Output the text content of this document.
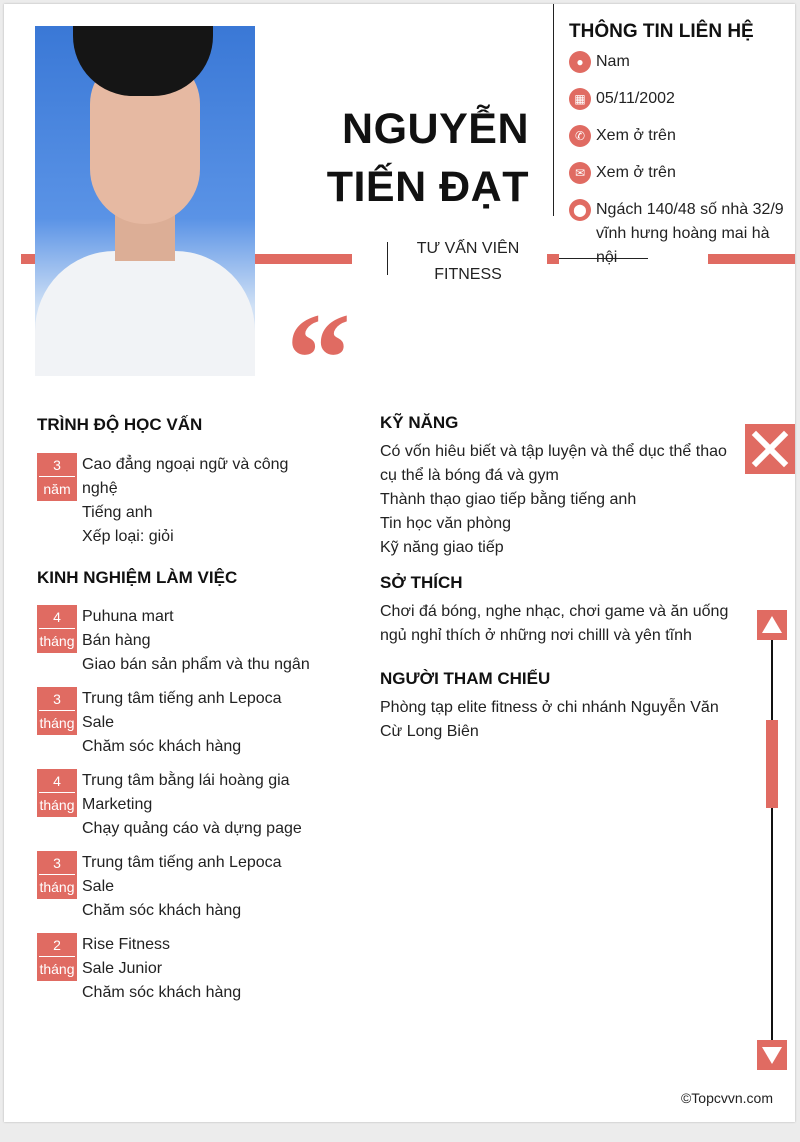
NGUYỄN
TIẾN ĐẠT
TƯ VẤN VIÊN FITNESS
“
THÔNG TIN LIÊN HỆ
● Nam
▦ 05/11/2002
✆ Xem ở trên
✉ Xem ở trên
⬤ Ngách 140/48 số nhà 32/9 vĩnh hưng hoàng mai hà nội
TRÌNH ĐỘ HỌC VẤN
3
năm
Cao đẳng ngoại ngữ và công
nghệ
Tiếng anh
Xếp loại: giỏi
KINH NGHIỆM LÀM VIỆC
4
tháng
Puhuna mart
Bán hàng
Giao bán sản phẩm và thu ngân
3
tháng
Trung tâm tiếng anh Lepoca
Sale
Chăm sóc khách hàng
4
tháng
Trung tâm bằng lái hoàng gia
Marketing
Chạy quảng cáo và dựng page
3
tháng
Trung tâm tiếng anh Lepoca
Sale
Chăm sóc khách hàng
2
tháng
Rise Fitness
Sale Junior
Chăm sóc khách hàng
KỸ NĂNG
Có vốn hiêu biết và tập luyện và thể dục thể thao
cụ thể là bóng đá và gym
Thành thạo giao tiếp bằng tiếng anh
Tin học văn phòng
Kỹ năng giao tiếp
SỞ THÍCH
Chơi đá bóng, nghe nhạc, chơi game và ăn uống
ngủ nghỉ thích ở những nơi chilll và yên tĩnh
NGƯỜI THAM CHIẾU
Phòng tạp elite fitness ở chi nhánh Nguyễn Văn
Cừ Long Biên
©Topcvvn.com
